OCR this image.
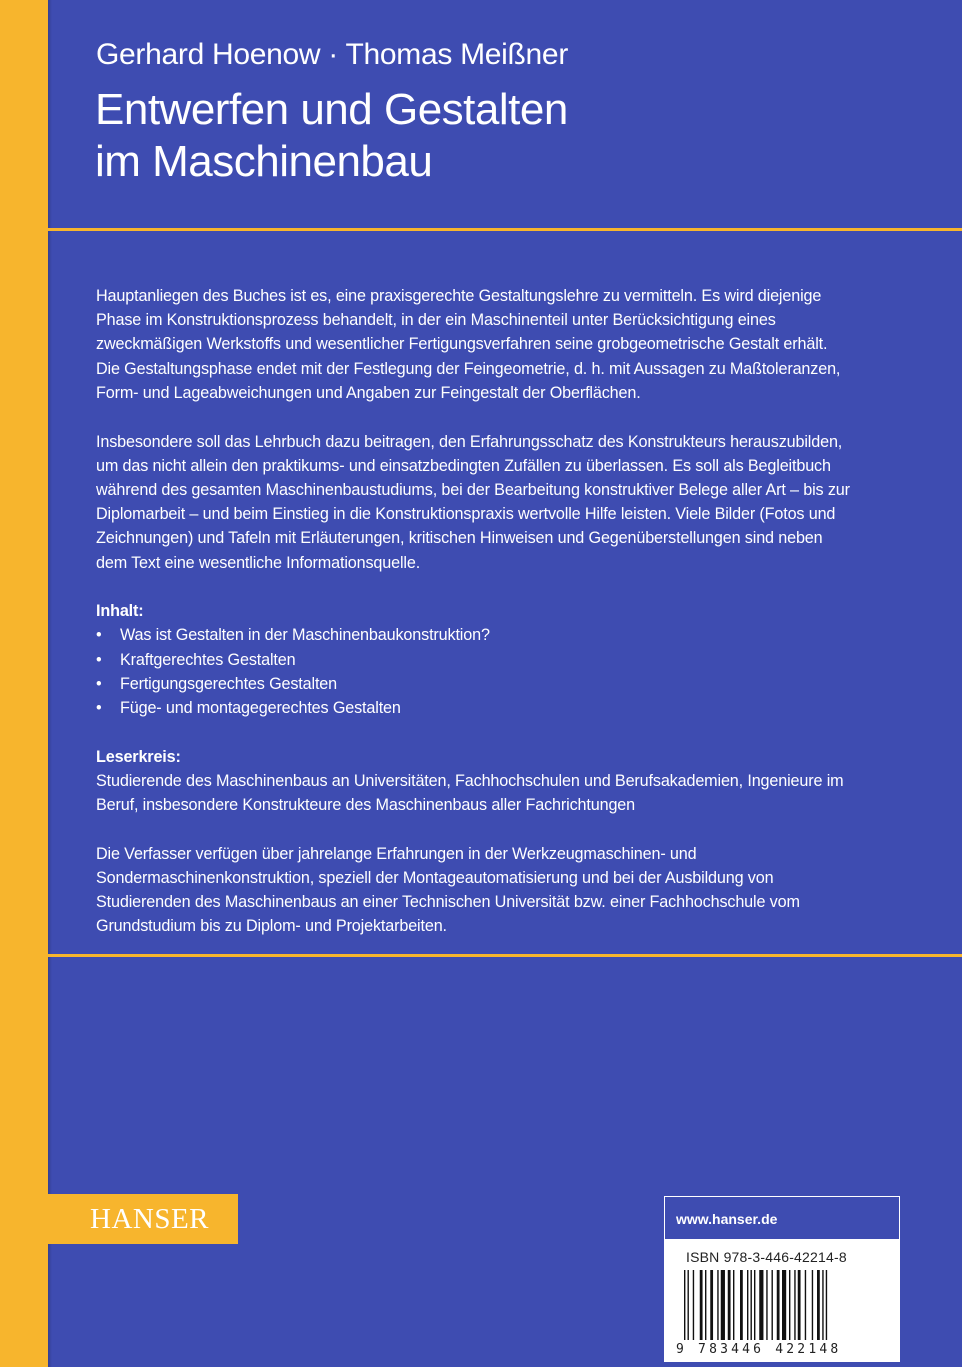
Gerhard Hoenow · Thomas Meißner
Entwerfen und Gestalten
im Maschinenbau

Hauptanliegen des Buches ist es, eine praxisgerechte Gestaltungslehre zu vermitteln. Es wird diejenige Phase im Konstruktionsprozess behandelt, in der ein Maschinenteil unter Berücksichtigung eines zweckmäßigen Werkstoffs und wesentlicher Fertigungsverfahren seine grobgeometrische Gestalt erhält. Die Gestaltungsphase endet mit der Festlegung der Feingeometrie, d. h. mit Aussagen zu Maßtoleranzen, Form- und Lageabweichungen und Angaben zur Feingestalt der Oberflächen.

Insbesondere soll das Lehrbuch dazu beitragen, den Erfahrungsschatz des Konstrukteurs herauszubilden, um das nicht allein den praktikums- und einsatzbedingten Zufällen zu überlassen. Es soll als Begleitbuch während des gesamten Maschinenbaustudiums, bei der Bearbeitung konstruktiver Belege aller Art – bis zur Diplomarbeit – und beim Einstieg in die Konstruktionspraxis wertvolle Hilfe leisten. Viele Bilder (Fotos und Zeichnungen) und Tafeln mit Erläuterungen, kritischen Hinweisen und Gegenüberstellungen sind neben dem Text eine wesentliche Informationsquelle.

Inhalt:
• Was ist Gestalten in der Maschinenbaukonstruktion?
• Kraftgerechtes Gestalten
• Fertigungsgerechtes Gestalten
• Füge- und montagegerechtes Gestalten
Leserkreis:

Studierende des Maschinenbaus an Universitäten, Fachhochschulen und Berufsakademien, Ingenieure im Beruf, insbesondere Konstrukteure des Maschinenbaus aller Fachrichtungen

Die Verfasser verfügen über jahrelange Erfahrungen in der Werkzeugmaschinen- und Sondermaschinenkonstruktion, speziell der Montageautomatisierung und bei der Ausbildung von Studierenden des Maschinenbaus an einer Technischen Universität bzw. einer Fachhochschule vom Grundstudium bis zu Diplom- und Projektarbeiten.

HANSER	www.hanser.de
ISBN 978-3-446-42214-8
9 783446 422148
